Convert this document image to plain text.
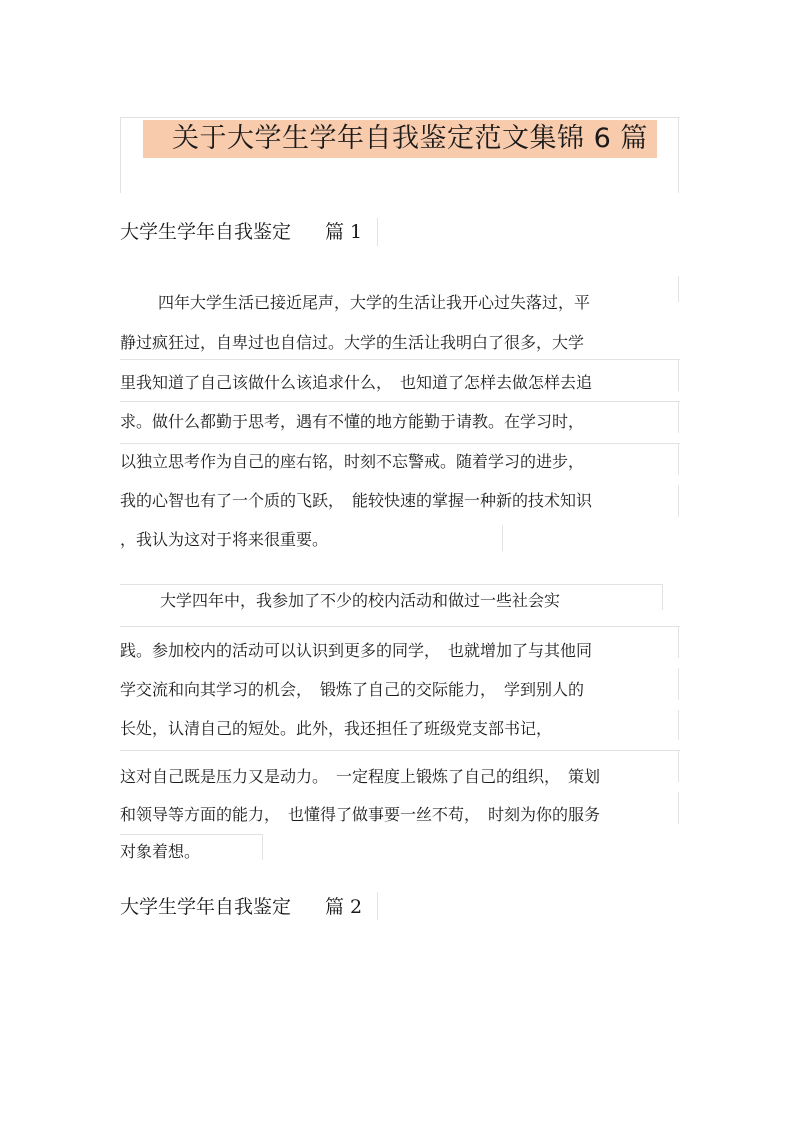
关于大学生学年自我鉴定范文集锦 6 篇
大学生学年自我鉴定 篇 1

四年大学生活已接近尾声，大学的生活让我开心过失落过，平

静过疯狂过，自卑过也自信过。大学的生活让我明白了很多，大学

里我知道了自己该做什么该追求什么，　也知道了怎样去做怎样去追

求。做什么都勤于思考，遇有不懂的地方能勤于请教。在学习时，

以独立思考作为自己的座右铭，时刻不忘警戒。随着学习的进步，

我的心智也有了一个质的飞跃，　能较快速的掌握一种新的技术知识

，我认为这对于将来很重要。

大学四年中，我参加了不少的校内活动和做过一些社会实

践。参加校内的活动可以认识到更多的同学，　也就增加了与其他同

学交流和向其学习的机会，　锻炼了自己的交际能力，　学到别人的

长处，认清自己的短处。此外，我还担任了班级党支部书记，

这对自己既是压力又是动力。　一定程度上锻炼了自己的组织，　策划

和领导等方面的能力，　也懂得了做事要一丝不苟，　时刻为你的服务

对象着想。

大学生学年自我鉴定 篇 2
